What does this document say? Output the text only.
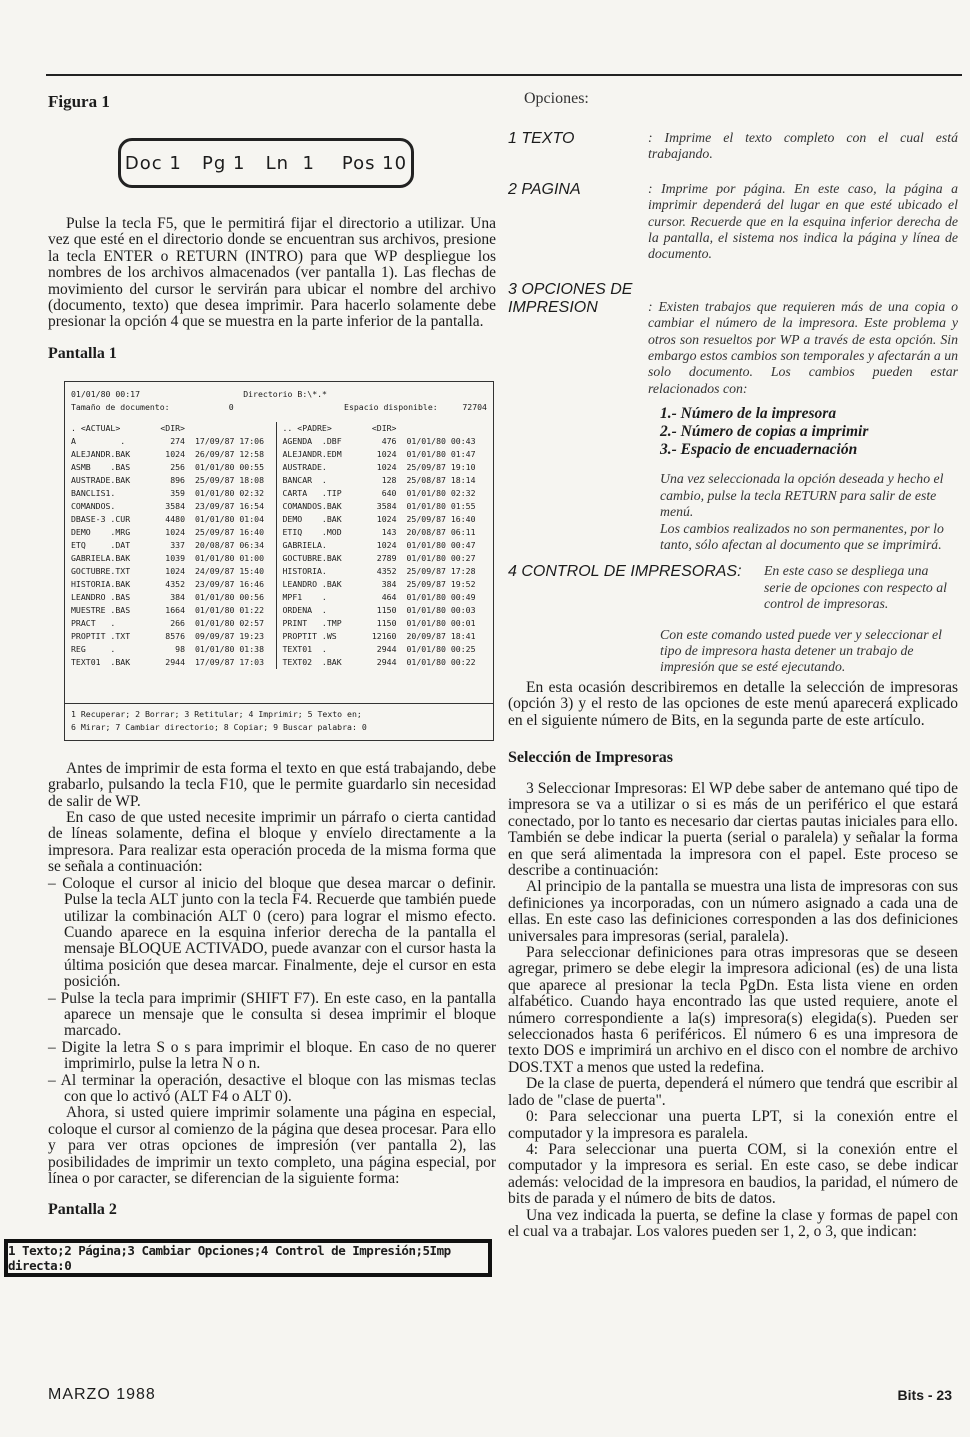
Figura 1

Doc 1   Pg 1   Ln  1    Pos 10

Pulse la tecla F5, que le permitirá fijar el directorio a utilizar. Una vez que esté en el directorio donde se encuentran sus archivos, presione la tecla ENTER o RETURN (INTRO) para que WP despliegue los nombres de los archivos almacenados (ver pantalla 1). Las flechas de movimiento del cursor le servirán para ubicar el nombre del archivo (documento, texto) que desea imprimir. Para hacerlo solamente debe presionar la opción 4 que se muestra en la parte inferior de la pantalla.

Pantalla 1

01/01/80 00:17	Directorio B:\*.*
Tamaño de documento:	0	Espacio disponible:	72704
. <ACTUAL>	<DIR>
A         .	274	17/09/87 17:06
ALEJANDR.BAK	1024	26/09/87 12:58
ASMB    .BAS	256	01/01/80 00:55
AUSTRADE.BAK	896	25/09/87 18:08
BANCLIS1.	359	01/01/80 02:32
COMANDOS.	3584	23/09/87 16:54
DBASE-3 .CUR	4480	01/01/80 01:04
DEMO    .MRG	1024	25/09/87 16:40
ETQ     .DAT	337	20/08/87 06:34
GABRIELA.BAK	1039	01/01/80 01:00
GOCTUBRE.TXT	1024	24/09/87 15:40
HISTORIA.BAK	4352	23/09/87 16:46
LEANDRO .BAS	384	01/01/80 00:56
MUESTRE .BAS	1664	01/01/80 01:22
PRACT   .	266	01/01/80 02:57
PROPTIT .TXT	8576	09/09/87 19:23
REG     .	98	01/01/80 01:38
TEXT01  .BAK	2944	17/09/87 17:03
.. <PADRE>	<DIR>
AGENDA  .DBF	476	01/01/80 00:43
ALEJANDR.EDM	1024	01/01/80 01:47
AUSTRADE.	1024	25/09/87 19:10
BANCAR  .	128	25/08/87 18:14
CARTA   .TIP	640	01/01/80 02:32
COMANDOS.BAK	3584	01/01/80 01:55
DEMO    .BAK	1024	25/09/87 16:40
ETIQ    .MOD	143	20/08/87 06:11
GABRIELA.	1024	01/01/80 00:47
GOCTUBRE.BAK	2789	01/01/80 00:27
HISTORIA.	4352	25/09/87 17:28
LEANDRO .BAK	384	25/09/87 19:52
MPF1    .	464	01/01/80 00:49
ORDENA  .	1150	01/01/80 00:03
PRINT   .TMP	1150	01/01/80 00:01
PROPTIT .WS	12160	20/09/87 18:41
TEXT01  .	2944	01/01/80 00:25
TEXT02  .BAK	2944	01/01/80 00:22
1 Recuperar; 2 Borrar; 3 Retitular; 4 Imprimir; 5 Texto en;
6 Mirar; 7 Cambiar directorio; 8 Copiar; 9 Buscar palabra: 0

Antes de imprimir de esta forma el texto en que está trabajando, debe grabarlo, pulsando la tecla F10, que le permite guardarlo sin necesidad de salir de WP.

En caso de que usted necesite imprimir un párrafo o cierta cantidad de líneas solamente, defina el bloque y envíelo directamente a la impresora. Para realizar esta operación proceda de la misma forma que se señala a continuación:

– Coloque el cursor al inicio del bloque que desea marcar o definir. Pulse la tecla ALT junto con la tecla F4. Recuerde que también puede utilizar la combinación ALT 0 (cero) para lograr el mismo efecto. Cuando aparece en la esquina inferior derecha de la pantalla el mensaje BLOQUE ACTIVADO, puede avanzar con el cursor hasta la última posición que desea marcar. Finalmente, deje el cursor en esta posición.

– Pulse la tecla para imprimir (SHIFT F7). En este caso, en la pantalla aparece un mensaje que le consulta si desea imprimir el bloque marcado.

– Digite la letra S o s para imprimir el bloque. En caso de no querer imprimirlo, pulse la letra N o n.

– Al terminar la operación, desactive el bloque con las mismas teclas con que lo activó (ALT F4 o ALT 0).

Ahora, si usted quiere imprimir solamente una página en especial, coloque el cursor al comienzo de la página que desea procesar. Para ello y para ver otras opciones de impresión (ver pantalla 2), las posibilidades de imprimir un texto completo, una página especial, por línea o por caracter, se diferencian de la siguiente forma:

Pantalla 2

1 Texto;2 Página;3 Cambiar Opciones;4 Control de Impresión;5Imp directa:0

Opciones:

1 TEXTO	: Imprime el texto completo con el cual está trabajando.
2 PAGINA	: Imprime por página. En este caso, la página a imprimir dependerá del lugar en que esté ubicado el cursor. Recuerde que en la esquina inferior derecha de la pantalla, el sistema nos indica la página y línea de documento.
3 OPCIONES DE
IMPRESION	: Existen trabajos que requieren más de una copia o cambiar el número de la impresora. Este problema y otros son resueltos por WP a través de esta opción. Sin embargo estos cambios son temporales y afectarán a un solo documento. Los cambios pueden estar relacionados con:
1.- Número de la impresora
2.- Número de copias a imprimir
3.- Espacio de encuadernación
Una vez seleccionada la opción deseada y hecho el cambio, pulse la tecla RETURN para salir de este menú.
Los cambios realizados no son permanentes, por lo tanto, sólo afectan al documento que se imprimirá.
4 CONTROL DE IMPRESORAS:	En este caso se despliega una serie de opciones con respecto al control de impresoras.
Con este comando usted puede ver y seleccionar el tipo de impresora hasta detener un trabajo de impresión que se esté ejecutando.

En esta ocasión describiremos en detalle la selección de impresoras (opción 3) y el resto de las opciones de este menú aparecerá explicado en el siguiente número de Bits, en la segunda parte de este artículo.

Selección de Impresoras

3 Seleccionar Impresoras: El WP debe saber de antemano qué tipo de impresora se va a utilizar o si es más de un periférico el que estará conectado, por lo tanto es necesario dar ciertas pautas iniciales para ello. También se debe indicar la puerta (serial o paralela) y señalar la forma en que será alimentada la impresora con el papel. Este proceso se describe a continuación:

Al principio de la pantalla se muestra una lista de impresoras con sus definiciones ya incorporadas, con un número asignado a cada una de ellas. En este caso las definiciones corresponden a las dos definiciones universales para impresoras (serial, paralela).

Para seleccionar definiciones para otras impresoras que se deseen agregar, primero se debe elegir la impresora adicional (es) de una lista que aparece al presionar la tecla PgDn. Esta lista viene en orden alfabético. Cuando haya encontrado las que usted requiere, anote el número correspondiente a la(s) impresora(s) elegida(s). Pueden ser seleccionados hasta 6 periféricos. El número 6 es una impresora de texto DOS e imprimirá un archivo en el disco con el nombre de archivo DOS.TXT a menos que usted la redefina.

De la clase de puerta, dependerá el número que tendrá que escribir al lado de "clase de puerta".

0: Para seleccionar una puerta LPT, si la conexión entre el computador y la impresora es paralela.

4: Para seleccionar una puerta COM, si la conexión entre el computador y la impresora es serial. En este caso, se debe indicar además: velocidad de la impresora en baudios, la paridad, el número de bits de parada y el número de bits de datos.

Una vez indicada la puerta, se define la clase y formas de papel con el cual va a trabajar. Los valores pueden ser 1, 2, o 3, que indican:

MARZO 1988	Bits - 23
